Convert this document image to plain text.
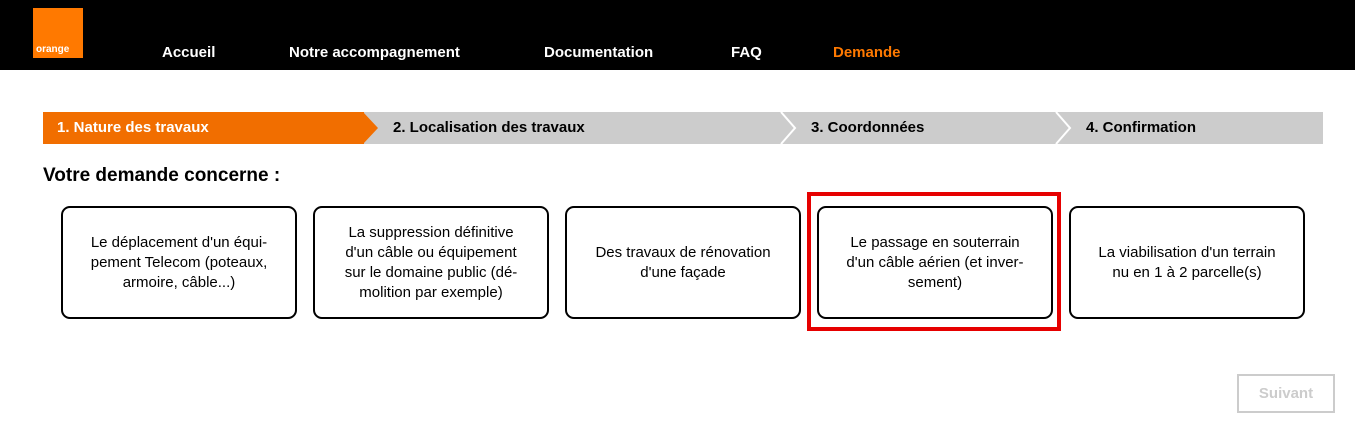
orange	Accueil	Notre accompagnement	Documentation	FAQ	Demande
1. Nature des travaux	2. Localisation des travaux	3. Coordonnées	4. Confirmation
Votre demande concerne :
Le déplacement d'un équi-
pement Telecom (poteaux,
armoire, câble...)
La suppression définitive
d'un câble ou équipement
sur le domaine public (dé-
molition par exemple)
Des travaux de rénovation
d'une façade
Le passage en souterrain
d'un câble aérien (et inver-
sement)
La viabilisation d'un terrain
nu en 1 à 2 parcelle(s)
Suivant
